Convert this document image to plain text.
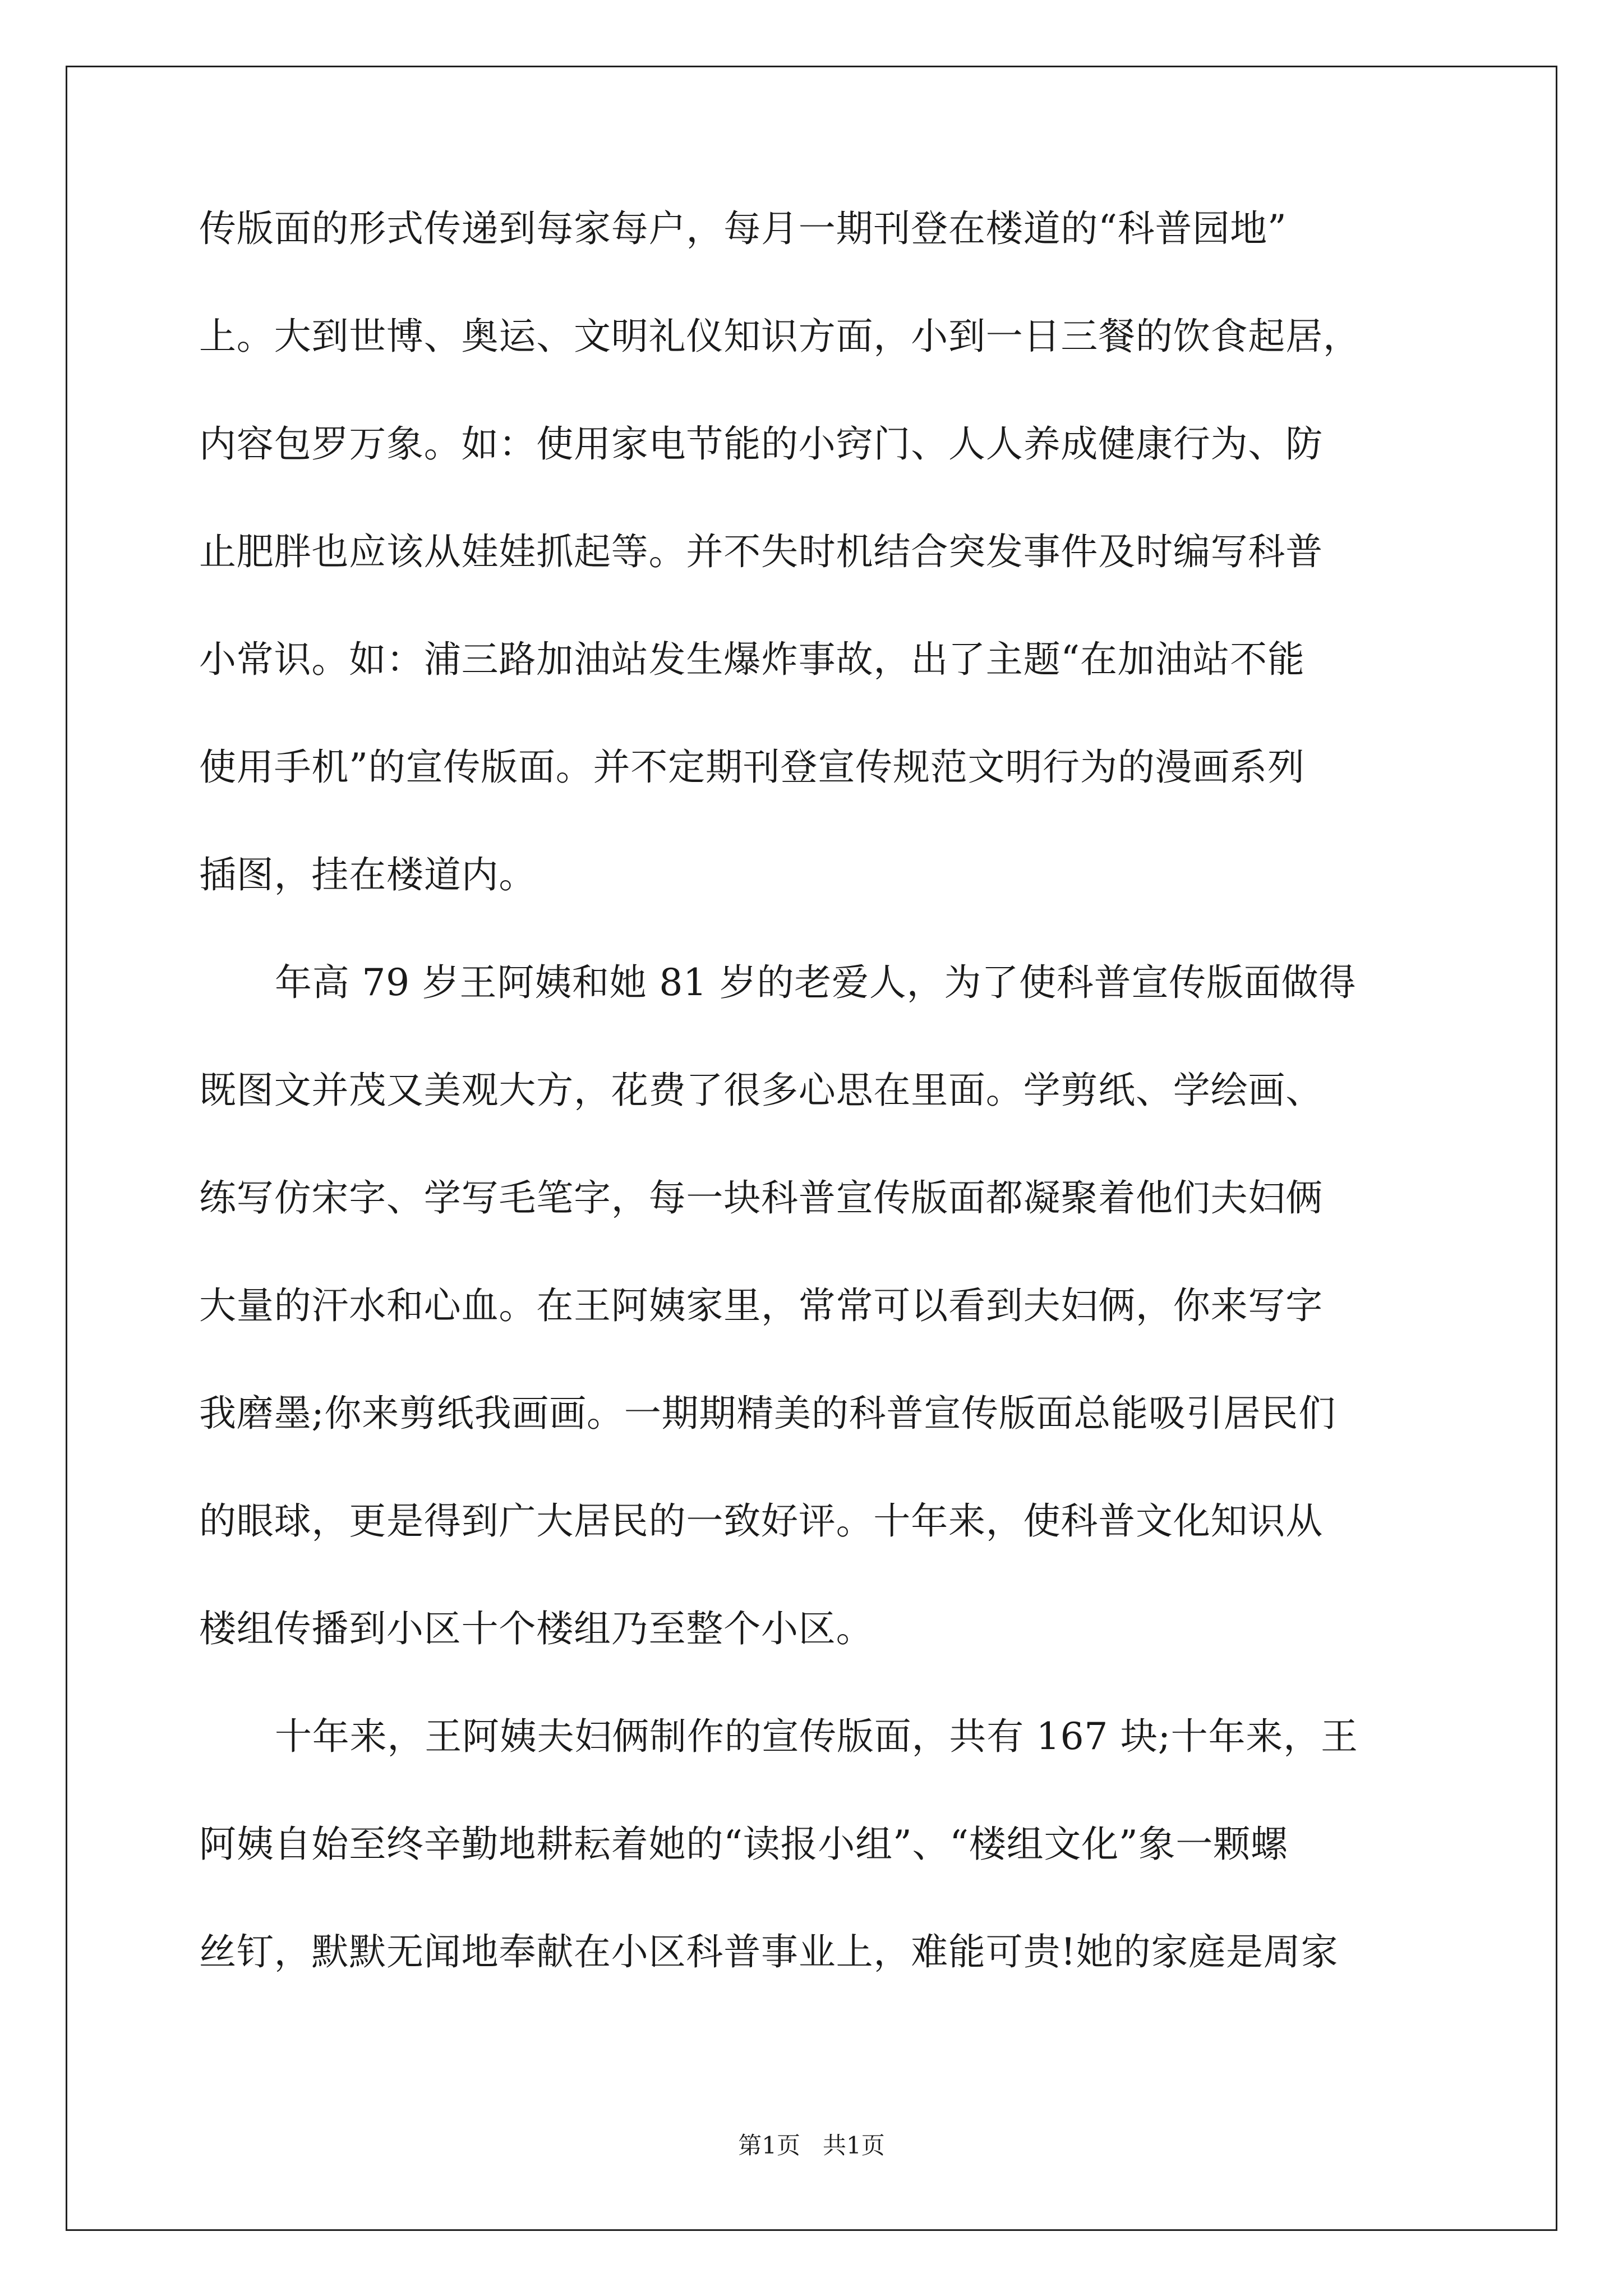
传版面的形式传递到每家每户，每月一期刊登在楼道的“科普园地”
上。大到世博、奥运、文明礼仪知识方面，小到一日三餐的饮食起居，
内容包罗万象。如：使用家电节能的小窍门、人人养成健康行为、防
止肥胖也应该从娃娃抓起等。并不失时机结合突发事件及时编写科普
小常识。如：浦三路加油站发生爆炸事故，出了主题“在加油站不能
使用手机”的宣传版面。并不定期刊登宣传规范文明行为的漫画系列
插图，挂在楼道内。
年高 79 岁王阿姨和她 81 岁的老爱人，为了使科普宣传版面做得
既图文并茂又美观大方，花费了很多心思在里面。学剪纸、学绘画、
练写仿宋字、学写毛笔字，每一块科普宣传版面都凝聚着他们夫妇俩
大量的汗水和心血。在王阿姨家里，常常可以看到夫妇俩，你来写字
我磨墨;你来剪纸我画画。一期期精美的科普宣传版面总能吸引居民们
的眼球，更是得到广大居民的一致好评。十年来，使科普文化知识从
楼组传播到小区十个楼组乃至整个小区。
十年来，王阿姨夫妇俩制作的宣传版面，共有 167 块;十年来，王
阿姨自始至终辛勤地耕耘着她的“读报小组”、“楼组文化”象一颗螺
丝钉，默默无闻地奉献在小区科普事业上，难能可贵!她的家庭是周家
第1页   共1页
